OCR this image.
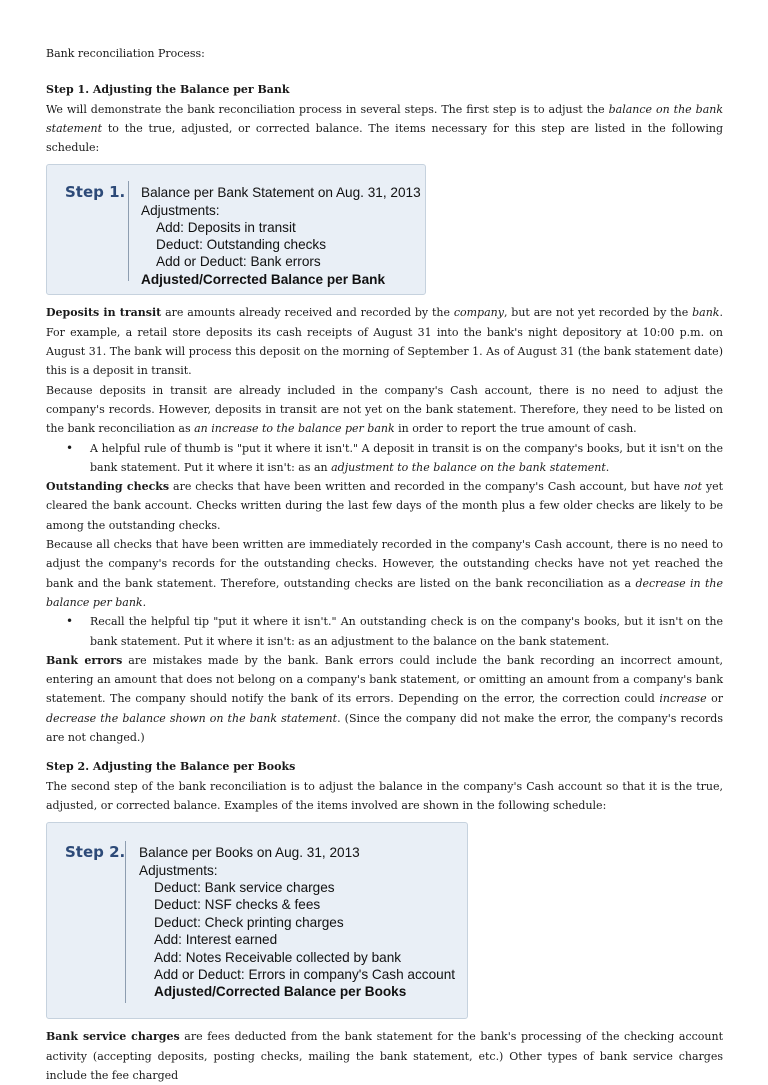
Bank reconciliation Process:

Step 1. Adjusting the Balance per Bank

We will demonstrate the bank reconciliation process in several steps. The first step is to adjust the balance on the bank statement to the true, adjusted, or corrected balance. The items necessary for this step are listed in the following schedule:

Step 1. Balance per Bank Statement on Aug. 31, 2013
Adjustments:
Add: Deposits in transit
Deduct: Outstanding checks
Add or Deduct: Bank errors
Adjusted/Corrected Balance per Bank

Deposits in transit are amounts already received and recorded by the company, but are not yet recorded by the bank. For example, a retail store deposits its cash receipts of August 31 into the bank's night depository at 10:00 p.m. on August 31. The bank will process this deposit on the morning of September 1. As of August 31 (the bank statement date) this is a deposit in transit.

Because deposits in transit are already included in the company's Cash account, there is no need to adjust the company's records. However, deposits in transit are not yet on the bank statement. Therefore, they need to be listed on the bank reconciliation as an increase to the balance per bank in order to report the true amount of cash.

• A helpful rule of thumb is "put it where it isn't." A deposit in transit is on the company's books, but it isn't on the bank statement. Put it where it isn't: as an adjustment to the balance on the bank statement.

Outstanding checks are checks that have been written and recorded in the company's Cash account, but have not yet cleared the bank account. Checks written during the last few days of the month plus a few older checks are likely to be among the outstanding checks.

Because all checks that have been written are immediately recorded in the company's Cash account, there is no need to adjust the company's records for the outstanding checks. However, the outstanding checks have not yet reached the bank and the bank statement. Therefore, outstanding checks are listed on the bank reconciliation as a decrease in the balance per bank.

• Recall the helpful tip "put it where it isn't." An outstanding check is on the company's books, but it isn't on the bank statement. Put it where it isn't: as an adjustment to the balance on the bank statement.

Bank errors are mistakes made by the bank. Bank errors could include the bank recording an incorrect amount, entering an amount that does not belong on a company's bank statement, or omitting an amount from a company's bank statement. The company should notify the bank of its errors. Depending on the error, the correction could increase or decrease the balance shown on the bank statement. (Since the company did not make the error, the company's records are not changed.)

Step 2. Adjusting the Balance per Books

The second step of the bank reconciliation is to adjust the balance in the company's Cash account so that it is the true, adjusted, or corrected balance. Examples of the items involved are shown in the following schedule:

Step 2. Balance per Books on Aug. 31, 2013
Adjustments:
Deduct: Bank service charges
Deduct: NSF checks & fees
Deduct: Check printing charges
Add: Interest earned
Add: Notes Receivable collected by bank
Add or Deduct: Errors in company's Cash account
Adjusted/Corrected Balance per Books

Bank service charges are fees deducted from the bank statement for the bank's processing of the checking account activity (accepting deposits, posting checks, mailing the bank statement, etc.) Other types of bank service charges include the fee charged
